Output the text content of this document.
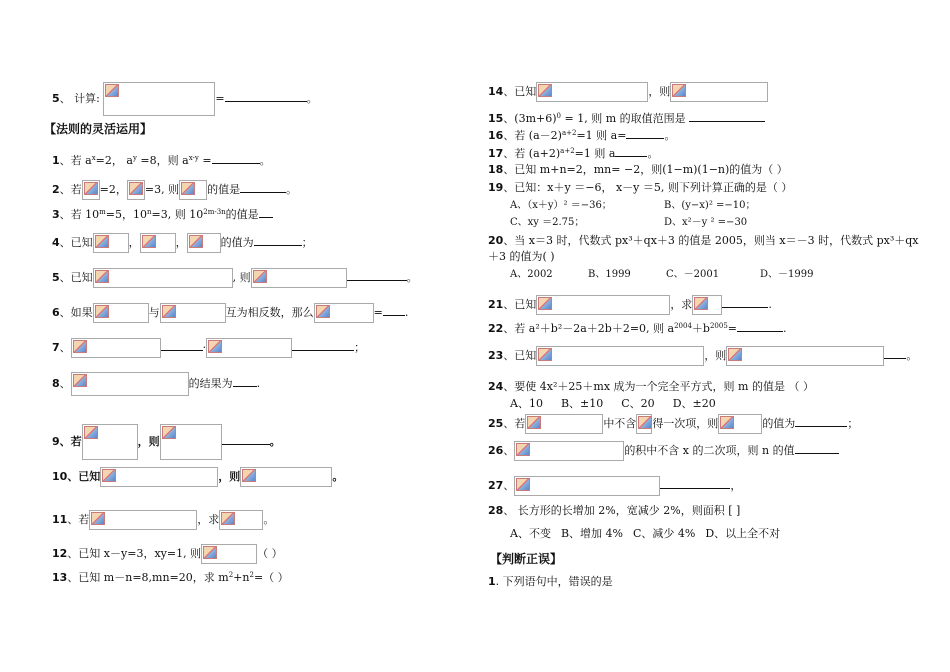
5、 计算:	=	。
【法则的灵活运用】
1、若 $a^x=2$， $a^y =8$，则 $a^{x-y}$ =	。
2、若 =2， =3, 则	的值是	。
3、若 $10^m=5$，$10^n=3$, 则 $10^{2m-3n}$的值是
4、已知	，	，	的值为	；
5、已知	, 则	。
6、如果	与	互为相反数，那么	= .
7、	·	；
8、	的结果为 .
9、若	，则	。
10、已知	，则	。
11、若	，求	。
12、已知 x－y=3，xy=1, 则	（ ）
13、已知 m－n=8,mn=20，求 $m^2+n^2=$（ ）
14、已知	，则
15、$(3m+6)^0 = 1$, 则 m 的取值范围是
16、若 $(a-2)^{a+2}=1$ 则 a=	。
17、若 $(a+2)^{a+2}=1$ 则 a	。
18、已知 m+n=2，mn= −2，则(1−m)(1−n)的值为（ ）
19、已知：x＋y ＝−6， x－y ＝5, 则下列计算正确的是（ ）
A、（x＋y）² ＝−36；	B、(y−x)² =−10；
C、xy ＝2.75；	D、x²－y ² =−30
20、当 x＝3 时，代数式 px³＋qx＋3 的值是 2005，则当 x＝－3 时，代数式 px³＋qx
＋3 的值为( )
A、2002	B、1999	C、－2001	D、－1999
21、已知	，求	.
22、若 a²＋b²－2a＋2b＋2=0, 则 $a^{2004}+b^{2005}=$	.
23、已知	，则	。
24、要使 4x²＋25＋mx 成为一个完全平方式，则 m 的值是 （ ）
A、10 B、±10 C、20 D、±20
25、若	中不含 得一次项，则	的值为	；
26、	的积中不含 x 的二次项，则 n 的值
27、	，
28、 长方形的长增加 2%，宽减少 2%，则面积 [ ]
A、不变 B、增加 4% C、减少 4% D、以上全不对
【判断正误】
1. 下列语句中，错误的是
